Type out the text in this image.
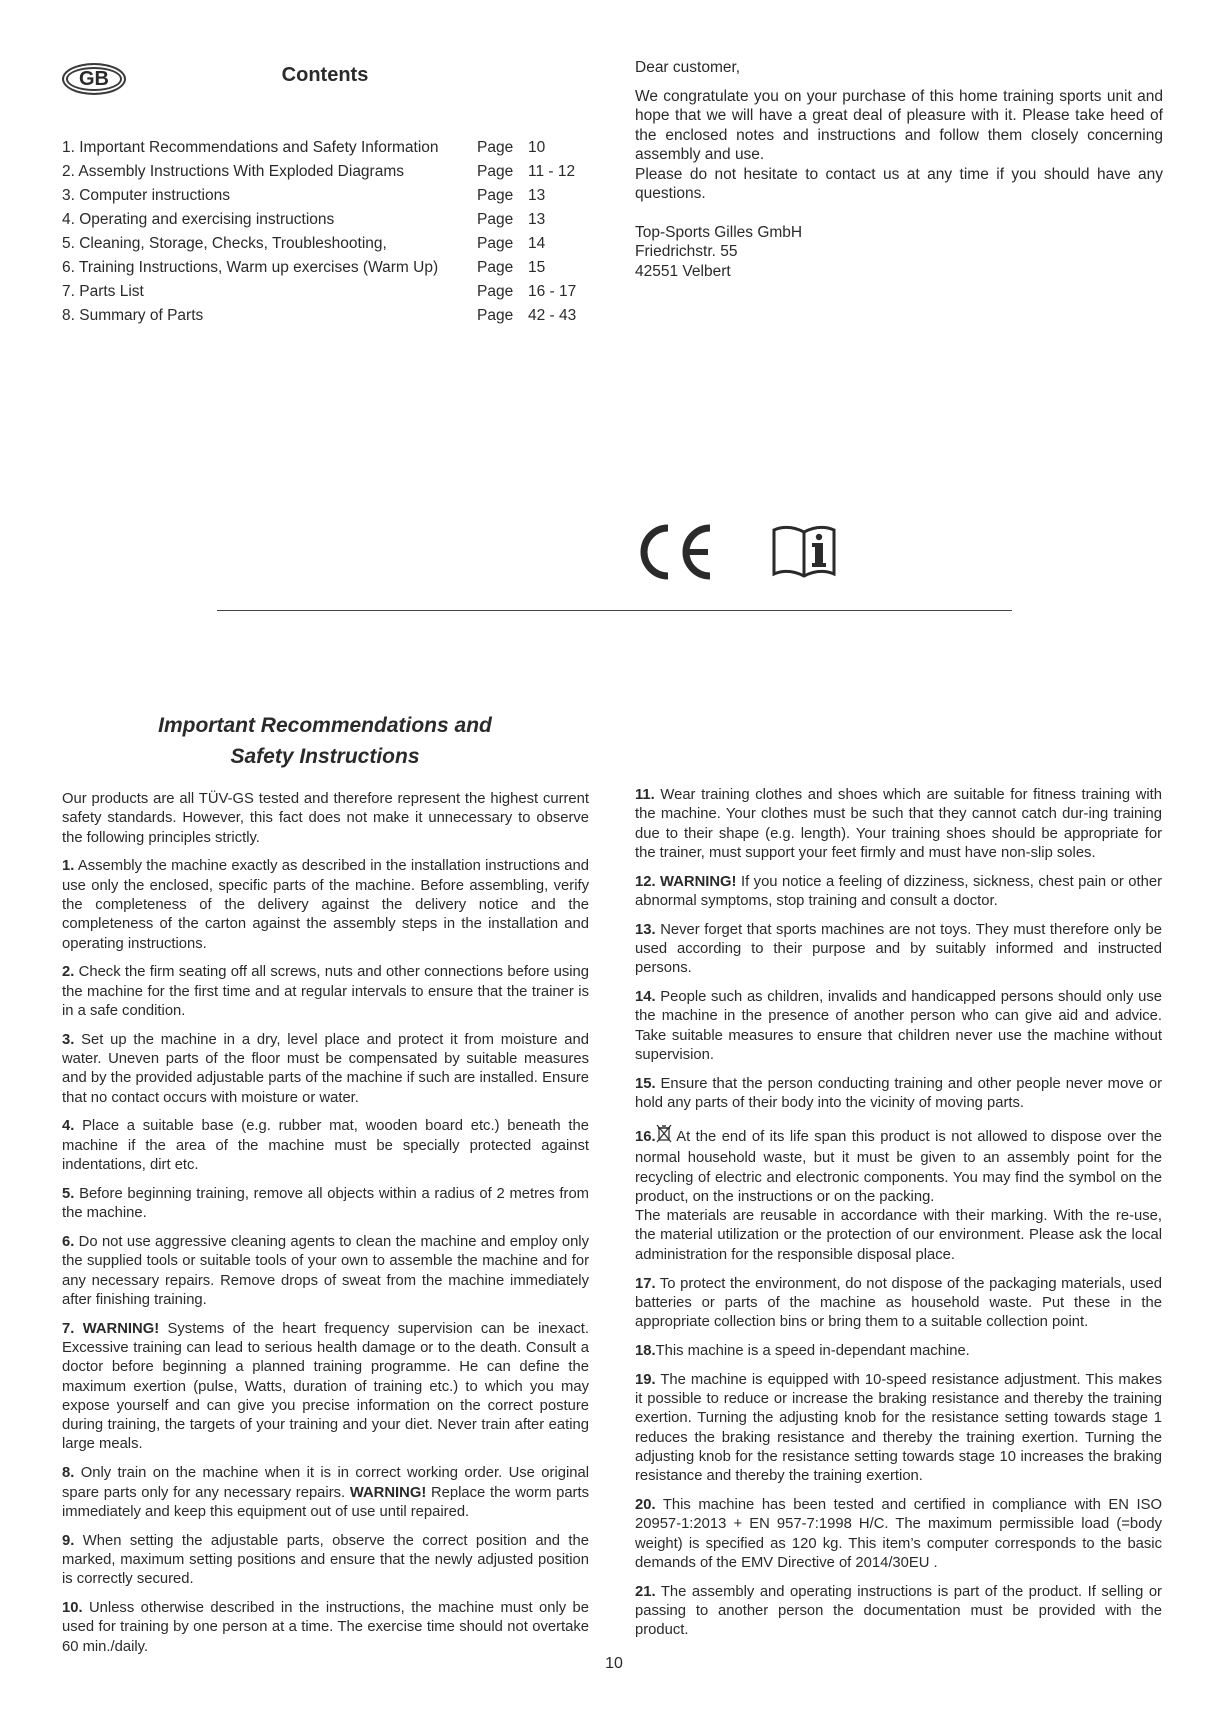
GB	Contents
1. Important Recommendations and Safety Information Page 10
2. Assembly Instructions With Exploded Diagrams	Page 11 - 12
3. Computer instructions	Page 13
4. Operating and exercising instructions	Page 13
5. Cleaning, Storage, Checks, Troubleshooting,	Page 14
6. Training Instructions, Warm up exercises (Warm Up)	Page 15
7. Parts List	Page 16 - 17
8. Summary of Parts	Page 42 - 43

Dear customer,

We congratulate you on your purchase of this home training sports unit and hope that we will have a great deal of pleasure with it. Please take heed of the enclosed notes and instructions and follow them closely concerning assembly and use.

Please do not hesitate to contact us at any time if you should have any questions.

Top-Sports Gilles GmbH

Friedrichstr. 55

42551 Velbert

Important Recommendations and
Safety Instructions

Our products are all TÜV-GS tested and therefore represent the highest current safety standards. However, this fact does not make it unnecessary to observe the following principles strictly.

1. Assembly the machine exactly as described in the installation instructions and use only the enclosed, specific parts of the machine. Before assembling, verify the completeness of the delivery against the delivery notice and the completeness of the carton against the assembly steps in the installation and operating instructions.

2. Check the firm seating off all screws, nuts and other connections before using the machine for the first time and at regular intervals to ensure that the trainer is in a safe condition.

3. Set up the machine in a dry, level place and protect it from moisture and water. Uneven parts of the floor must be compensated by suitable measures and by the provided adjustable parts of the machine if such are installed. Ensure that no contact occurs with moisture or water.

4. Place a suitable base (e.g. rubber mat, wooden board etc.) beneath the machine if the area of the machine must be specially protected against indentations, dirt etc.

5. Before beginning training, remove all objects within a radius of 2 metres from the machine.

6. Do not use aggressive cleaning agents to clean the machine and employ only the supplied tools or suitable tools of your own to assemble the machine and for any necessary repairs. Remove drops of sweat from the machine immediately after finishing training.

7. WARNING! Systems of the heart frequency supervision can be inexact. Excessive training can lead to serious health damage or to the death. Consult a doctor before beginning a planned training programme. He can define the maximum exertion (pulse, Watts, duration of training etc.) to which you may expose yourself and can give you precise information on the correct posture during training, the targets of your training and your diet. Never train after eating large meals.

8. Only train on the machine when it is in correct working order. Use original spare parts only for any necessary repairs. WARNING! Replace the worm parts immediately and keep this equipment out of use until repaired.

9. When setting the adjustable parts, observe the correct position and the marked, maximum setting positions and ensure that the newly adjusted position is correctly secured.

10. Unless otherwise described in the instructions, the machine must only be used for training by one person at a time. The exercise time should not overtake 60 min./daily.

11. Wear training clothes and shoes which are suitable for fitness training with the machine. Your clothes must be such that they cannot catch dur-ing training due to their shape (e.g. length). Your training shoes should be appropriate for the trainer, must support your feet firmly and must have non-slip soles.

12. WARNING! If you notice a feeling of dizziness, sickness, chest pain or other abnormal symptoms, stop training and consult a doctor.

13. Never forget that sports machines are not toys. They must therefore only be used according to their purpose and by suitably informed and instructed persons.

14. People such as children, invalids and handicapped persons should only use the machine in the presence of another person who can give aid and advice. Take suitable measures to ensure that children never use the machine without supervision.

15. Ensure that the person conducting training and other people never move or hold any parts of their body into the vicinity of moving parts.

16. At the end of its life span this product is not allowed to dispose over the normal household waste, but it must be given to an assembly point for the recycling of electric and electronic components. You may find the symbol on the product, on the instructions or on the packing.

The materials are reusable in accordance with their marking. With the re-use, the material utilization or the protection of our environment. Please ask the local administration for the responsible disposal place.

17. To protect the environment, do not dispose of the packaging materials, used batteries or parts of the machine as household waste. Put these in the appropriate collection bins or bring them to a suitable collection point.

18.This machine is a speed in-dependant machine.

19. The machine is equipped with 10-speed resistance adjustment. This makes it possible to reduce or increase the braking resistance and thereby the training exertion. Turning the adjusting knob for the resistance setting towards stage 1 reduces the braking resistance and thereby the training exertion. Turning the adjusting knob for the resistance setting towards stage 10 increases the braking resistance and thereby the training exertion.

20. This machine has been tested and certified in compliance with EN ISO 20957-1:2013 + EN 957-7:1998 H/C. The maximum permissible load (=body weight) is specified as 120 kg. This item’s computer corresponds to the basic demands of the EMV Directive of 2014/30EU .

21. The assembly and operating instructions is part of the product. If selling or passing to another person the documentation must be provided with the product.

10
